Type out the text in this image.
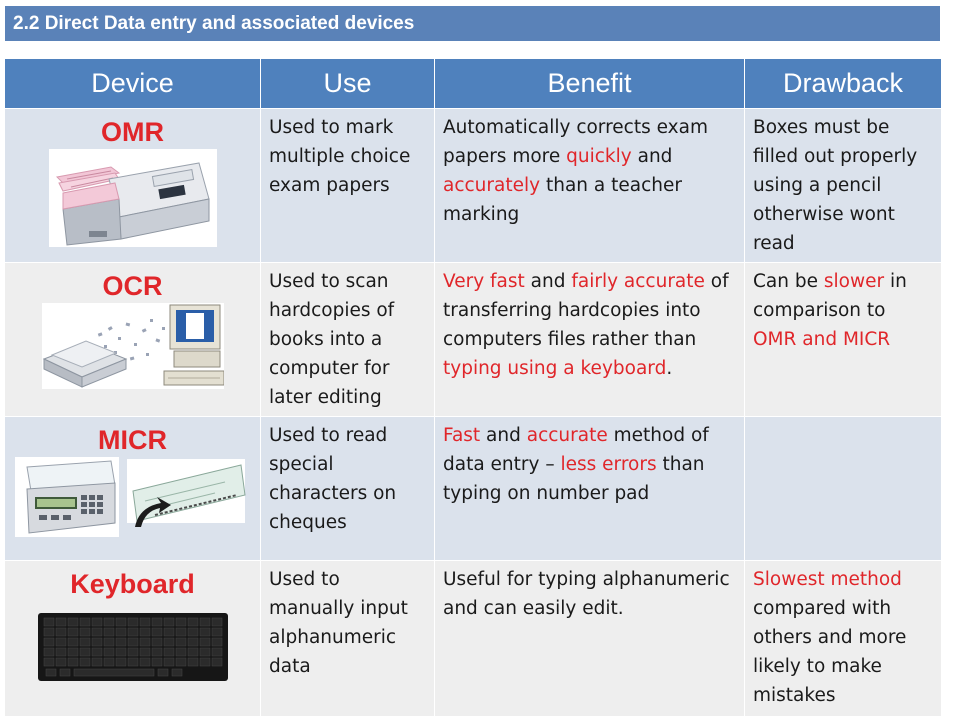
2.2 Direct Data entry and associated devices
Device	Use	Benefit	Drawback

OMR	Used to mark multiple choice exam papers	Automatically corrects exam papers more quickly and accurately than a teacher marking	Boxes must be filled out properly using a pencil otherwise wont read

OCR	Used to scan hardcopies of books into a computer for later editing	Very fast and fairly accurate of transferring hardcopies into computers files rather than typing using a keyboard.	Can be slower in comparison to OMR and MICR

MICR	Used to read special characters on cheques	Fast and accurate method of data entry – less errors than typing on number pad	

Keyboard	Used to manually input alphanumeric data	Useful for typing alphanumeric and can easily edit.	Slowest method compared with others and more likely to make mistakes
